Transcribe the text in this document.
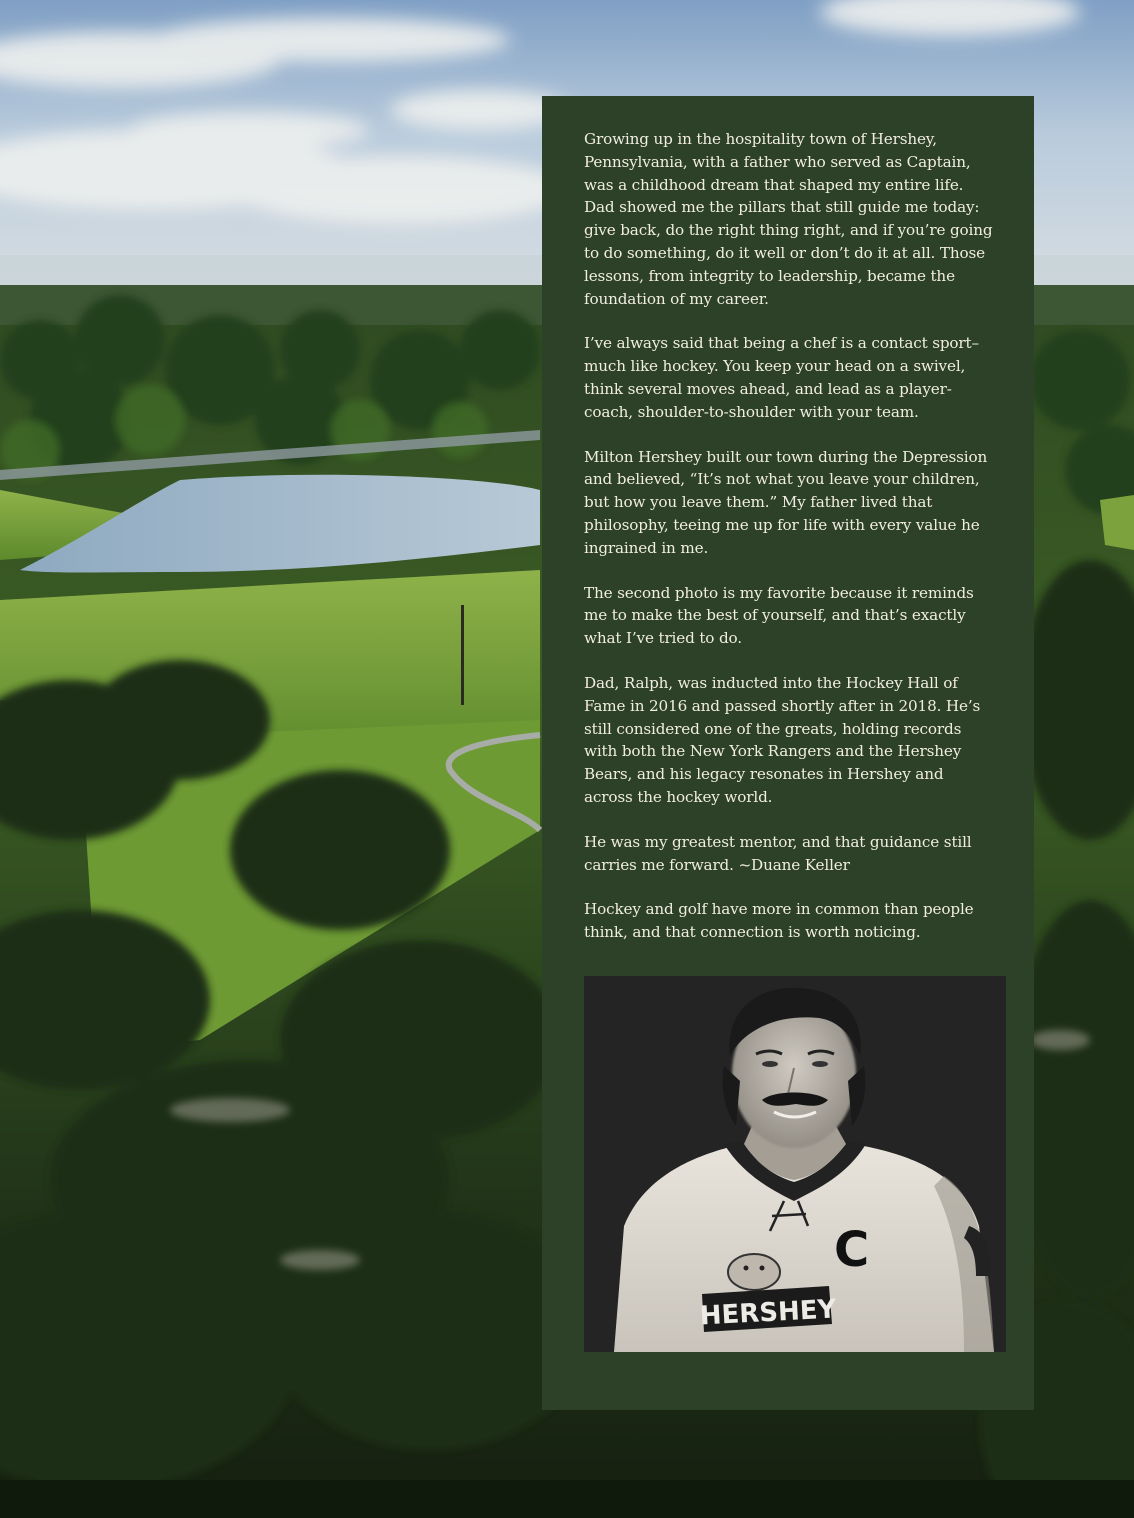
Growing up in the hospitality town of Hershey, Pennsylvania, with a father who served as Captain, was a childhood dream that shaped my entire life. Dad showed me the pillars that still guide me today: give back, do the right thing right, and if you’re going to do something, do it well or don’t do it at all. Those lessons, from integrity to leadership, became the foundation of my career.

I’ve always said that being a chef is a contact sport–much like hockey. You keep your head on a swivel, think several moves ahead, and lead as a player-coach, shoulder-to-shoulder with your team.

Milton Hershey built our town during the Depression and believed, “It’s not what you leave your children, but how you leave them.” My father lived that philosophy, teeing me up for life with every value he ingrained in me.

The second photo is my favorite because it reminds me to make the best of yourself, and that’s exactly what I’ve tried to do.

Dad, Ralph, was inducted into the Hockey Hall of Fame in 2016 and passed shortly after in 2018. He’s still considered one of the greats, holding records with both the New York Rangers and the Hershey Bears, and his legacy resonates in Hershey and across the hockey world.

He was my greatest mentor, and that guidance still carries me forward. ~Duane Keller

Hockey and golf have more in common than people think, and that connection is worth noticing.

C
HERSHEY
